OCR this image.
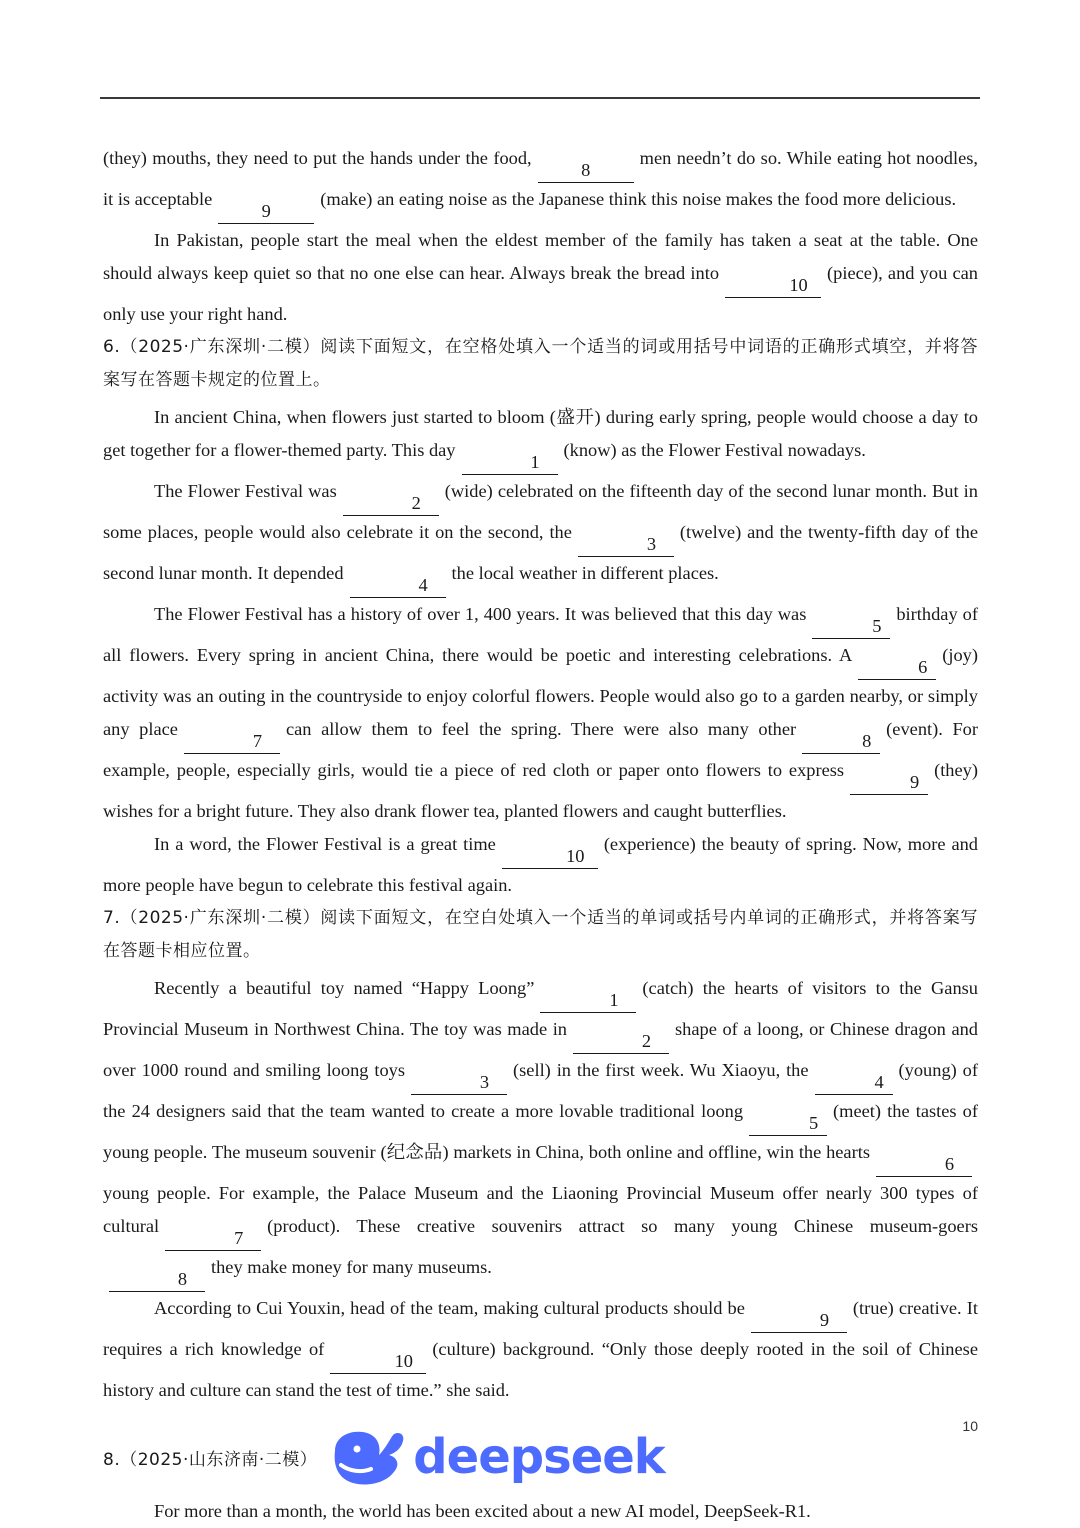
(they) mouths, they need to put the hands under the food,8men needn’t do so. While eating hot noodles, it is acceptable9(make) an eating noise as the Japanese think this noise makes the food more delicious.

In Pakistan, people start the meal when the eldest member of the family has taken a seat at the table. One should always keep quiet so that no one else can hear. Always break the bread into10(piece), and you can only use your right hand.

6.（2025·广东深圳·二模）阅读下面短文，在空格处填入一个适当的词或用括号中词语的正确形式填空，并将答案写在答题卡规定的位置上。

In ancient China, when flowers just started to bloom (盛开) during early spring, people would choose a day to get together for a flower-themed party. This day1(know) as the Flower Festival nowadays.

The Flower Festival was2(wide) celebrated on the fifteenth day of the second lunar month. But in some places, people would also celebrate it on the second, the3(twelve) and the twenty-fifth day of the second lunar month. It depended4the local weather in different places.

The Flower Festival has a history of over 1, 400 years. It was believed that this day was5birthday of all flowers. Every spring in ancient China, there would be poetic and interesting celebrations. A6(joy) activity was an outing in the countryside to enjoy colorful flowers. People would also go to a garden nearby, or simply any place7can allow them to feel the spring. There were also many other8(event). For example, people, especially girls, would tie a piece of red cloth or paper onto flowers to express9(they) wishes for a bright future. They also drank flower tea, planted flowers and caught butterflies.

In a word, the Flower Festival is a great time10(experience) the beauty of spring. Now, more and more people have begun to celebrate this festival again.

7.（2025·广东深圳·二模）阅读下面短文，在空白处填入一个适当的单词或括号内单词的正确形式，并将答案写在答题卡相应位置。

Recently a beautiful toy named “Happy Loong”1(catch) the hearts of visitors to the Gansu Provincial Museum in Northwest China. The toy was made in2shape of a loong, or Chinese dragon and over 1000 round and smiling loong toys3(sell) in the first week. Wu Xiaoyu, the4(young) of the 24 designers said that the team wanted to create a more lovable traditional loong5(meet) the tastes of young people. The museum souvenir (纪念品) markets in China, both online and offline, win the hearts6young people. For example, the Palace Museum and the Liaoning Provincial Museum offer nearly 300 types of cultural7(product). These creative souvenirs attract so many young Chinese museum-goers8they make money for many museums.

According to Cui Youxin, head of the team, making cultural products should be9(true) creative. It requires a rich knowledge of10(culture) background. “Only those deeply rooted in the soil of Chinese history and culture can stand the test of time.” she said.

8.（2025·山东济南·二模） deepseek

For more than a month, the world has been excited about a new AI model, DeepSeek-R1.

10
